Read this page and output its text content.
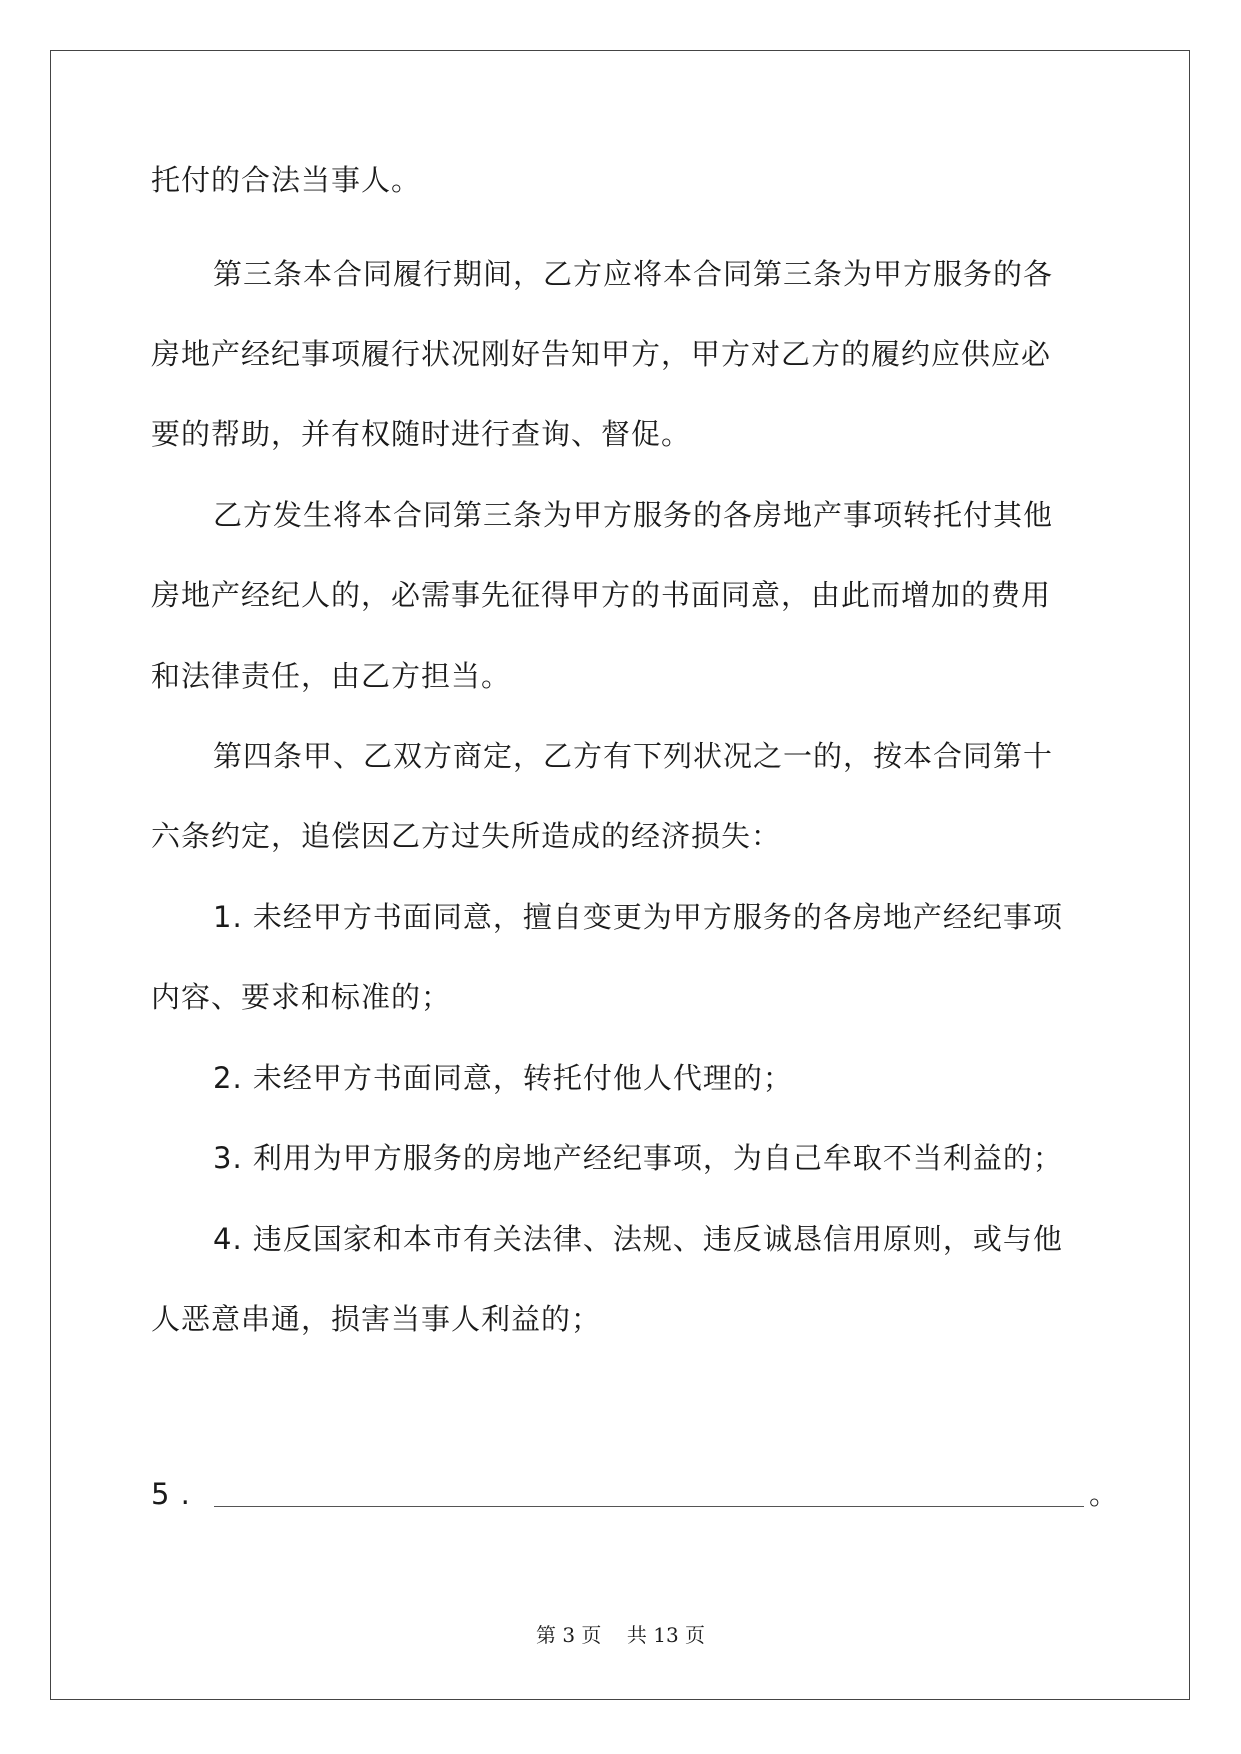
托付的合法当事人。
第三条本合同履行期间，乙方应将本合同第三条为甲方服务的各
房地产经纪事项履行状况刚好告知甲方，甲方对乙方的履约应供应必
要的帮助，并有权随时进行查询、督促。
乙方发生将本合同第三条为甲方服务的各房地产事项转托付其他
房地产经纪人的，必需事先征得甲方的书面同意，由此而增加的费用
和法律责任，由乙方担当。
第四条甲、乙双方商定，乙方有下列状况之一的，按本合同第十
六条约定，追偿因乙方过失所造成的经济损失：
1. 未经甲方书面同意，擅自变更为甲方服务的各房地产经纪事项
内容、要求和标准的；
2. 未经甲方书面同意，转托付他人代理的；
3. 利用为甲方服务的房地产经纪事项，为自己牟取不当利益的；
4. 违反国家和本市有关法律、法规、违反诚恳信用原则，或与他
人恶意串通，损害当事人利益的；
5 .	。
第 3 页 共 13 页
